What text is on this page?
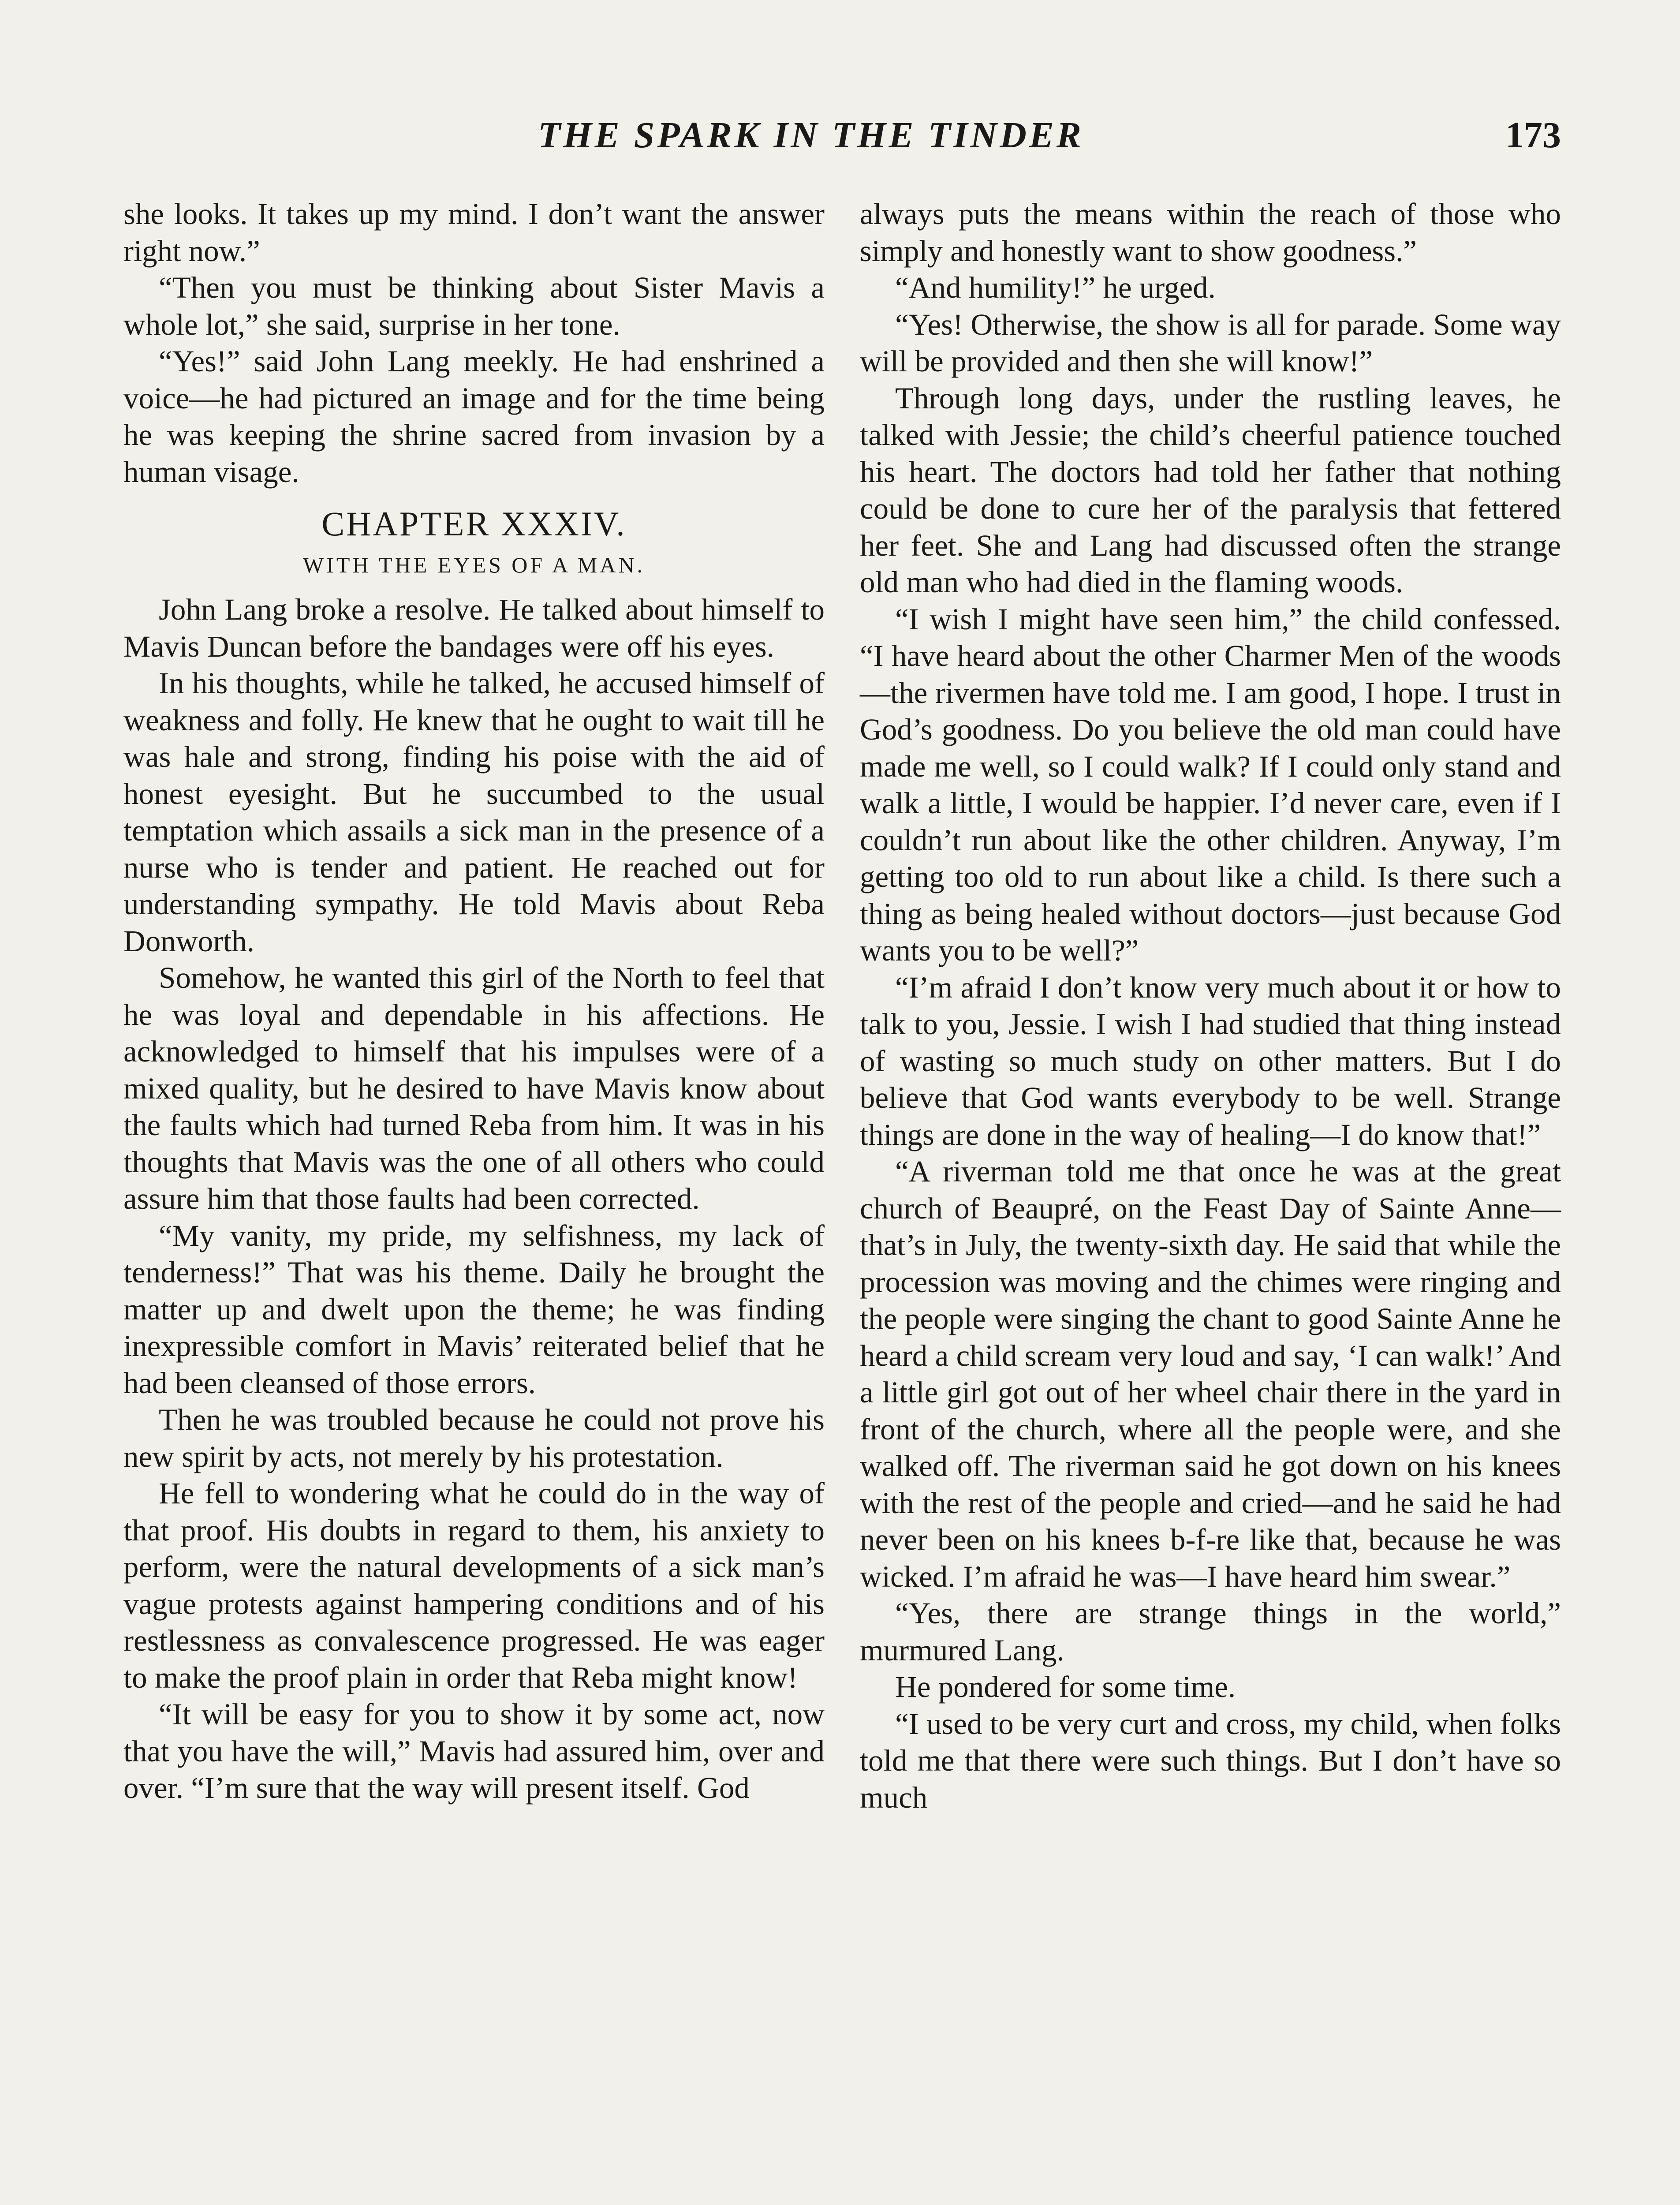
THE SPARK IN THE TINDER	173

she looks. It takes up my mind. I don’t want the answer right now.”

“Then you must be thinking about Sister Mavis a whole lot,” she said, surprise in her tone.

“Yes!” said John Lang meekly. He had enshrined a voice—he had pictured an image and for the time being he was keeping the shrine sacred from invasion by a human visage.

CHAPTER XXXIV.
WITH THE EYES OF A MAN.

John Lang broke a resolve. He talked about himself to Mavis Duncan before the bandages were off his eyes.

In his thoughts, while he talked, he accused himself of weakness and folly. He knew that he ought to wait till he was hale and strong, finding his poise with the aid of honest eyesight. But he succumbed to the usual temptation which assails a sick man in the presence of a nurse who is tender and patient. He reached out for understanding sympathy. He told Mavis about Reba Donworth.

Somehow, he wanted this girl of the North to feel that he was loyal and dependable in his affections. He acknowledged to himself that his impulses were of a mixed quality, but he desired to have Mavis know about the faults which had turned Reba from him. It was in his thoughts that Mavis was the one of all others who could assure him that those faults had been corrected.

“My vanity, my pride, my selfishness, my lack of tenderness!” That was his theme. Daily he brought the matter up and dwelt upon the theme; he was finding inexpressible comfort in Mavis’ reiterated belief that he had been cleansed of those errors.

Then he was troubled because he could not prove his new spirit by acts, not merely by his protestation.

He fell to wondering what he could do in the way of that proof. His doubts in regard to them, his anxiety to perform, were the natural developments of a sick man’s vague protests against hampering conditions and of his restlessness as convalescence progressed. He was eager to make the proof plain in order that Reba might know!

“It will be easy for you to show it by some act, now that you have the will,” Mavis had assured him, over and over. “I’m sure that the way will present itself. God

always puts the means within the reach of those who simply and honestly want to show goodness.”

“And humility!” he urged.

“Yes! Otherwise, the show is all for parade. Some way will be provided and then she will know!”

Through long days, under the rustling leaves, he talked with Jessie; the child’s cheerful patience touched his heart. The doctors had told her father that nothing could be done to cure her of the paralysis that fettered her feet. She and Lang had discussed often the strange old man who had died in the flaming woods.

“I wish I might have seen him,” the child confessed. “I have heard about the other Charmer Men of the woods—the rivermen have told me. I am good, I hope. I trust in God’s goodness. Do you believe the old man could have made me well, so I could walk? If I could only stand and walk a little, I would be happier. I’d never care, even if I couldn’t run about like the other children. Anyway, I’m getting too old to run about like a child. Is there such a thing as being healed without doctors—just because God wants you to be well?”

“I’m afraid I don’t know very much about it or how to talk to you, Jessie. I wish I had studied that thing instead of wasting so much study on other matters. But I do believe that God wants everybody to be well. Strange things are done in the way of healing—I do know that!”

“A riverman told me that once he was at the great church of Beaupré, on the Feast Day of Sainte Anne—that’s in July, the twenty-sixth day. He said that while the procession was moving and the chimes were ringing and the people were singing the chant to good Sainte Anne he heard a child scream very loud and say, ‘I can walk!’ And a little girl got out of her wheel chair there in the yard in front of the church, where all the people were, and she walked off. The riverman said he got down on his knees with the rest of the people and cried—and he said he had never been on his knees b-f-re like that, because he was wicked. I’m afraid he was—I have heard him swear.”

“Yes, there are strange things in the world,” murmured Lang.

He pondered for some time.

“I used to be very curt and cross, my child, when folks told me that there were such things. But I don’t have so much
